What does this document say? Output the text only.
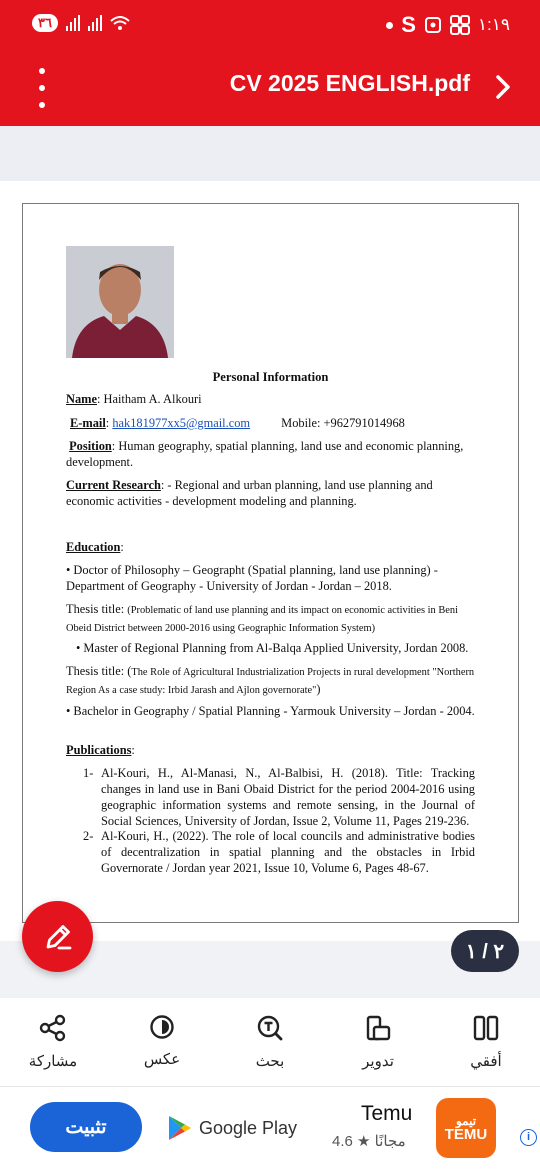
٣٦	S	١:١٩
CV 2025 ENGLISH.pdf
Personal Information
Name: Haitham A. Alkouri
E-mail: hak181977xx5@gmail.com	Mobile: +962791014968
Position: Human geography, spatial planning, land use and economic planning, development.
Current Research: - Regional and urban planning, land use planning and economic activities - development modeling and planning.
Education:
• Doctor of Philosophy – Geographt (Spatial planning, land use planning) - Department of Geography - University of Jordan - Jordan – 2018.
Thesis title: (Problematic of land use planning and its impact on economic activities in Beni Obeid District between 2000-2016 using Geographic Information System)
• Master of Regional Planning from Al-Balqa Applied University, Jordan 2008.
Thesis title: (The Role of Agricultural Industrialization Projects in rural development "Northern Region As a case study: Irbid Jarash and Ajlon governorate")
• Bachelor in Geography / Spatial Planning - Yarmouk University – Jordan - 2004.
Publications:
1- Al-Kouri, H., Al-Manasi, N., Al-Balbisi, H. (2018). Title: Tracking changes in land use in Bani Obaid District for the period 2004-2016 using geographic information systems and remote sensing, in the Journal of Social Sciences, University of Jordan, Issue 2, Volume 11, Pages 219-236.
2- Al-Kouri, H., (2022). The role of local councils and administrative bodies of decentralization in spatial planning and the obstacles in Irbid Governorate / Jordan year 2021, Issue 10, Volume 6, Pages 48-67.
٢ / ١
مشاركة	عكس	بحث	تدوير	أفقي
تثبيت	Google Play
Temu
مجانًا ★ 4.6
تيمو
TEMU	i
